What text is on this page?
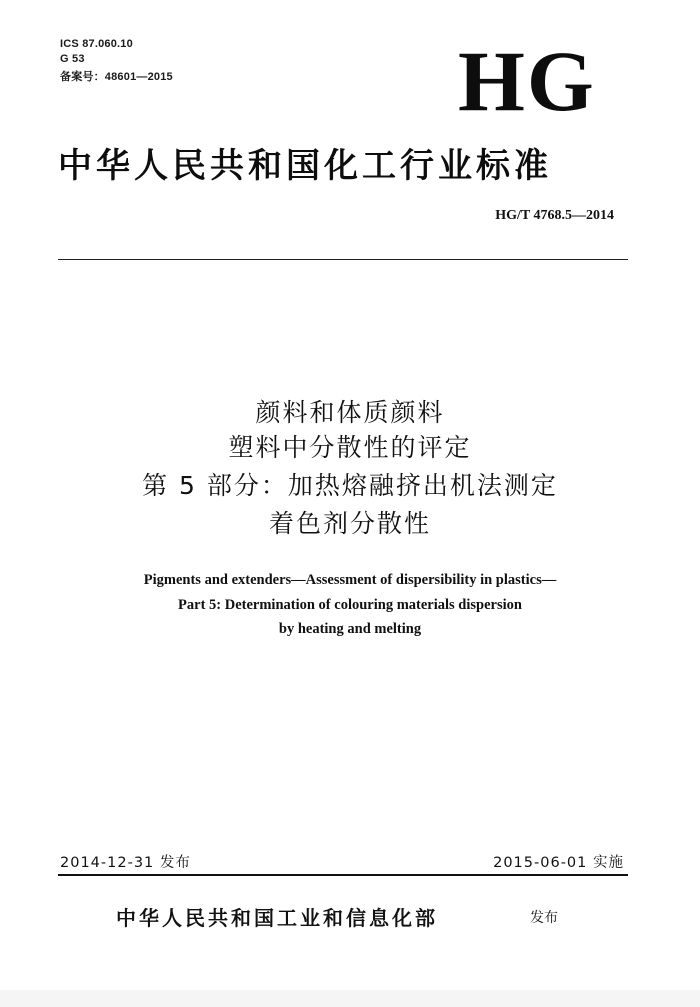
ICS 87.060.10
G 53
备案号：48601—2015	HG
中华人民共和国化工行业标准
HG/T 4768.5—2014
颜料和体质颜料
塑料中分散性的评定
第 5 部分：加热熔融挤出机法测定
着色剂分散性
Pigments and extenders—Assessment of dispersibility in plastics—
Part 5: Determination of colouring materials dispersion
by heating and melting
2014-12-31 发布	2015-06-01 实施
中华人民共和国工业和信息化部	发布
